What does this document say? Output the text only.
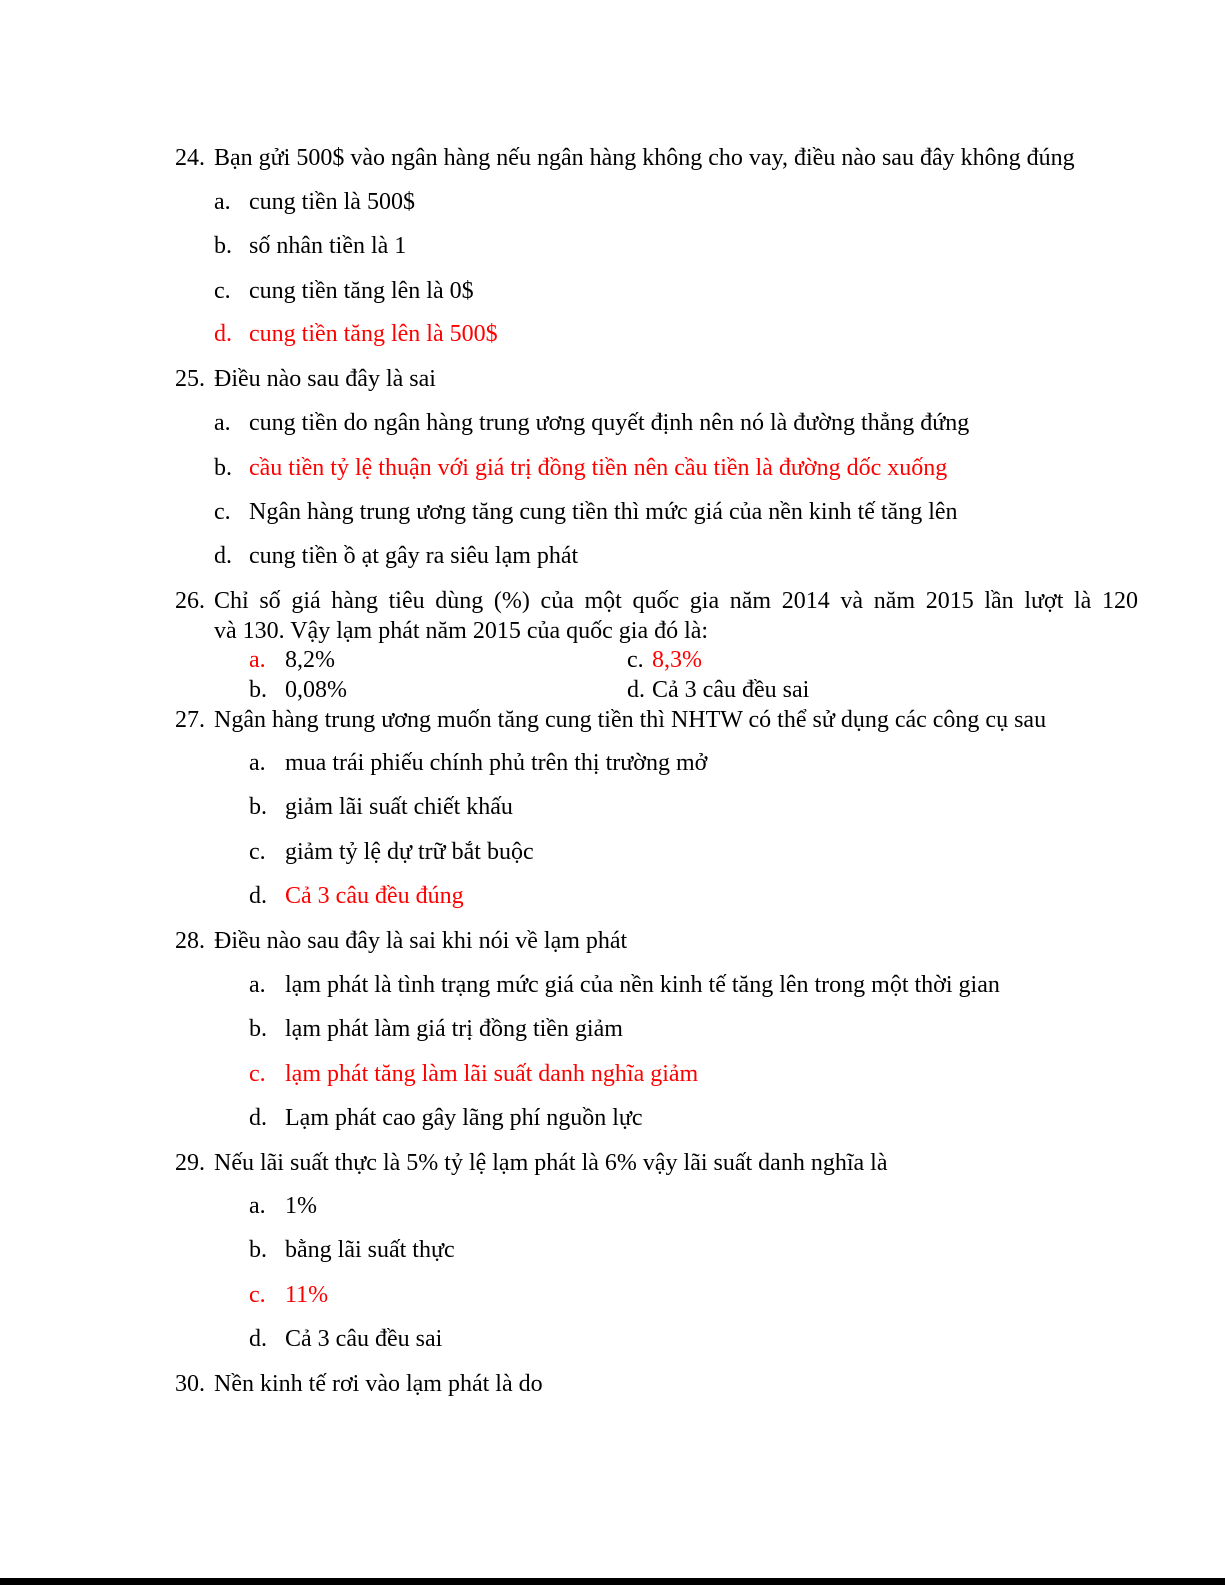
24. Bạn gửi 500$ vào ngân hàng nếu ngân hàng không cho vay, điều nào sau đây không đúng
a. cung tiền là 500$
b. số nhân tiền là 1
c. cung tiền tăng lên là 0$
d. cung tiền tăng lên là 500$
25. Điều nào sau đây là sai
a. cung tiền do ngân hàng trung ương quyết định nên nó là đường thẳng đứng
b. cầu tiền tỷ lệ thuận với giá trị đồng tiền nên cầu tiền là đường dốc xuống
c. Ngân hàng trung ương tăng cung tiền thì mức giá của nền kinh tế tăng lên
d. cung tiền ồ ạt gây ra siêu lạm phát
26. Chỉ số giá hàng tiêu dùng (%) của một quốc gia năm 2014 và năm 2015 lần lượt là 120
và 130. Vậy lạm phát năm 2015 của quốc gia đó là:
a. 8,2%	c. 8,3%
b. 0,08%	d. Cả 3 câu đều sai
27. Ngân hàng trung ương muốn tăng cung tiền thì NHTW có thể sử dụng các công cụ sau
a. mua trái phiếu chính phủ trên thị trường mở
b. giảm lãi suất chiết khấu
c. giảm tỷ lệ dự trữ bắt buộc
d. Cả 3 câu đều đúng
28. Điều nào sau đây là sai khi nói về lạm phát
a. lạm phát là tình trạng mức giá của nền kinh tế tăng lên trong một thời gian
b. lạm phát làm giá trị đồng tiền giảm
c. lạm phát tăng làm lãi suất danh nghĩa giảm
d. Lạm phát cao gây lãng phí nguồn lực
29. Nếu lãi suất thực là 5% tỷ lệ lạm phát là 6% vậy lãi suất danh nghĩa là
a. 1%
b. bằng lãi suất thực
c. 11%
d. Cả 3 câu đều sai
30. Nền kinh tế rơi vào lạm phát là do
